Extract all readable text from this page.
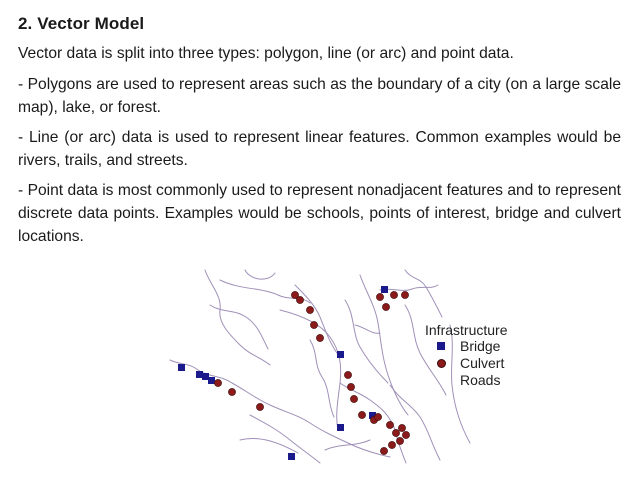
2. Vector Model
Vector data is split into three types: polygon, line (or arc) and point data.
- Polygons are used to represent areas such as the boundary of a city (on a large scale map), lake, or forest.
- Line (or arc) data is used to represent linear features. Common examples would be rivers, trails, and streets.
- Point data is most commonly used to represent nonadjacent features and to represent discrete data points. Examples would be schools, points of interest, bridge and culvert locations.
Infrastructure
Bridge
Culvert
Roads
